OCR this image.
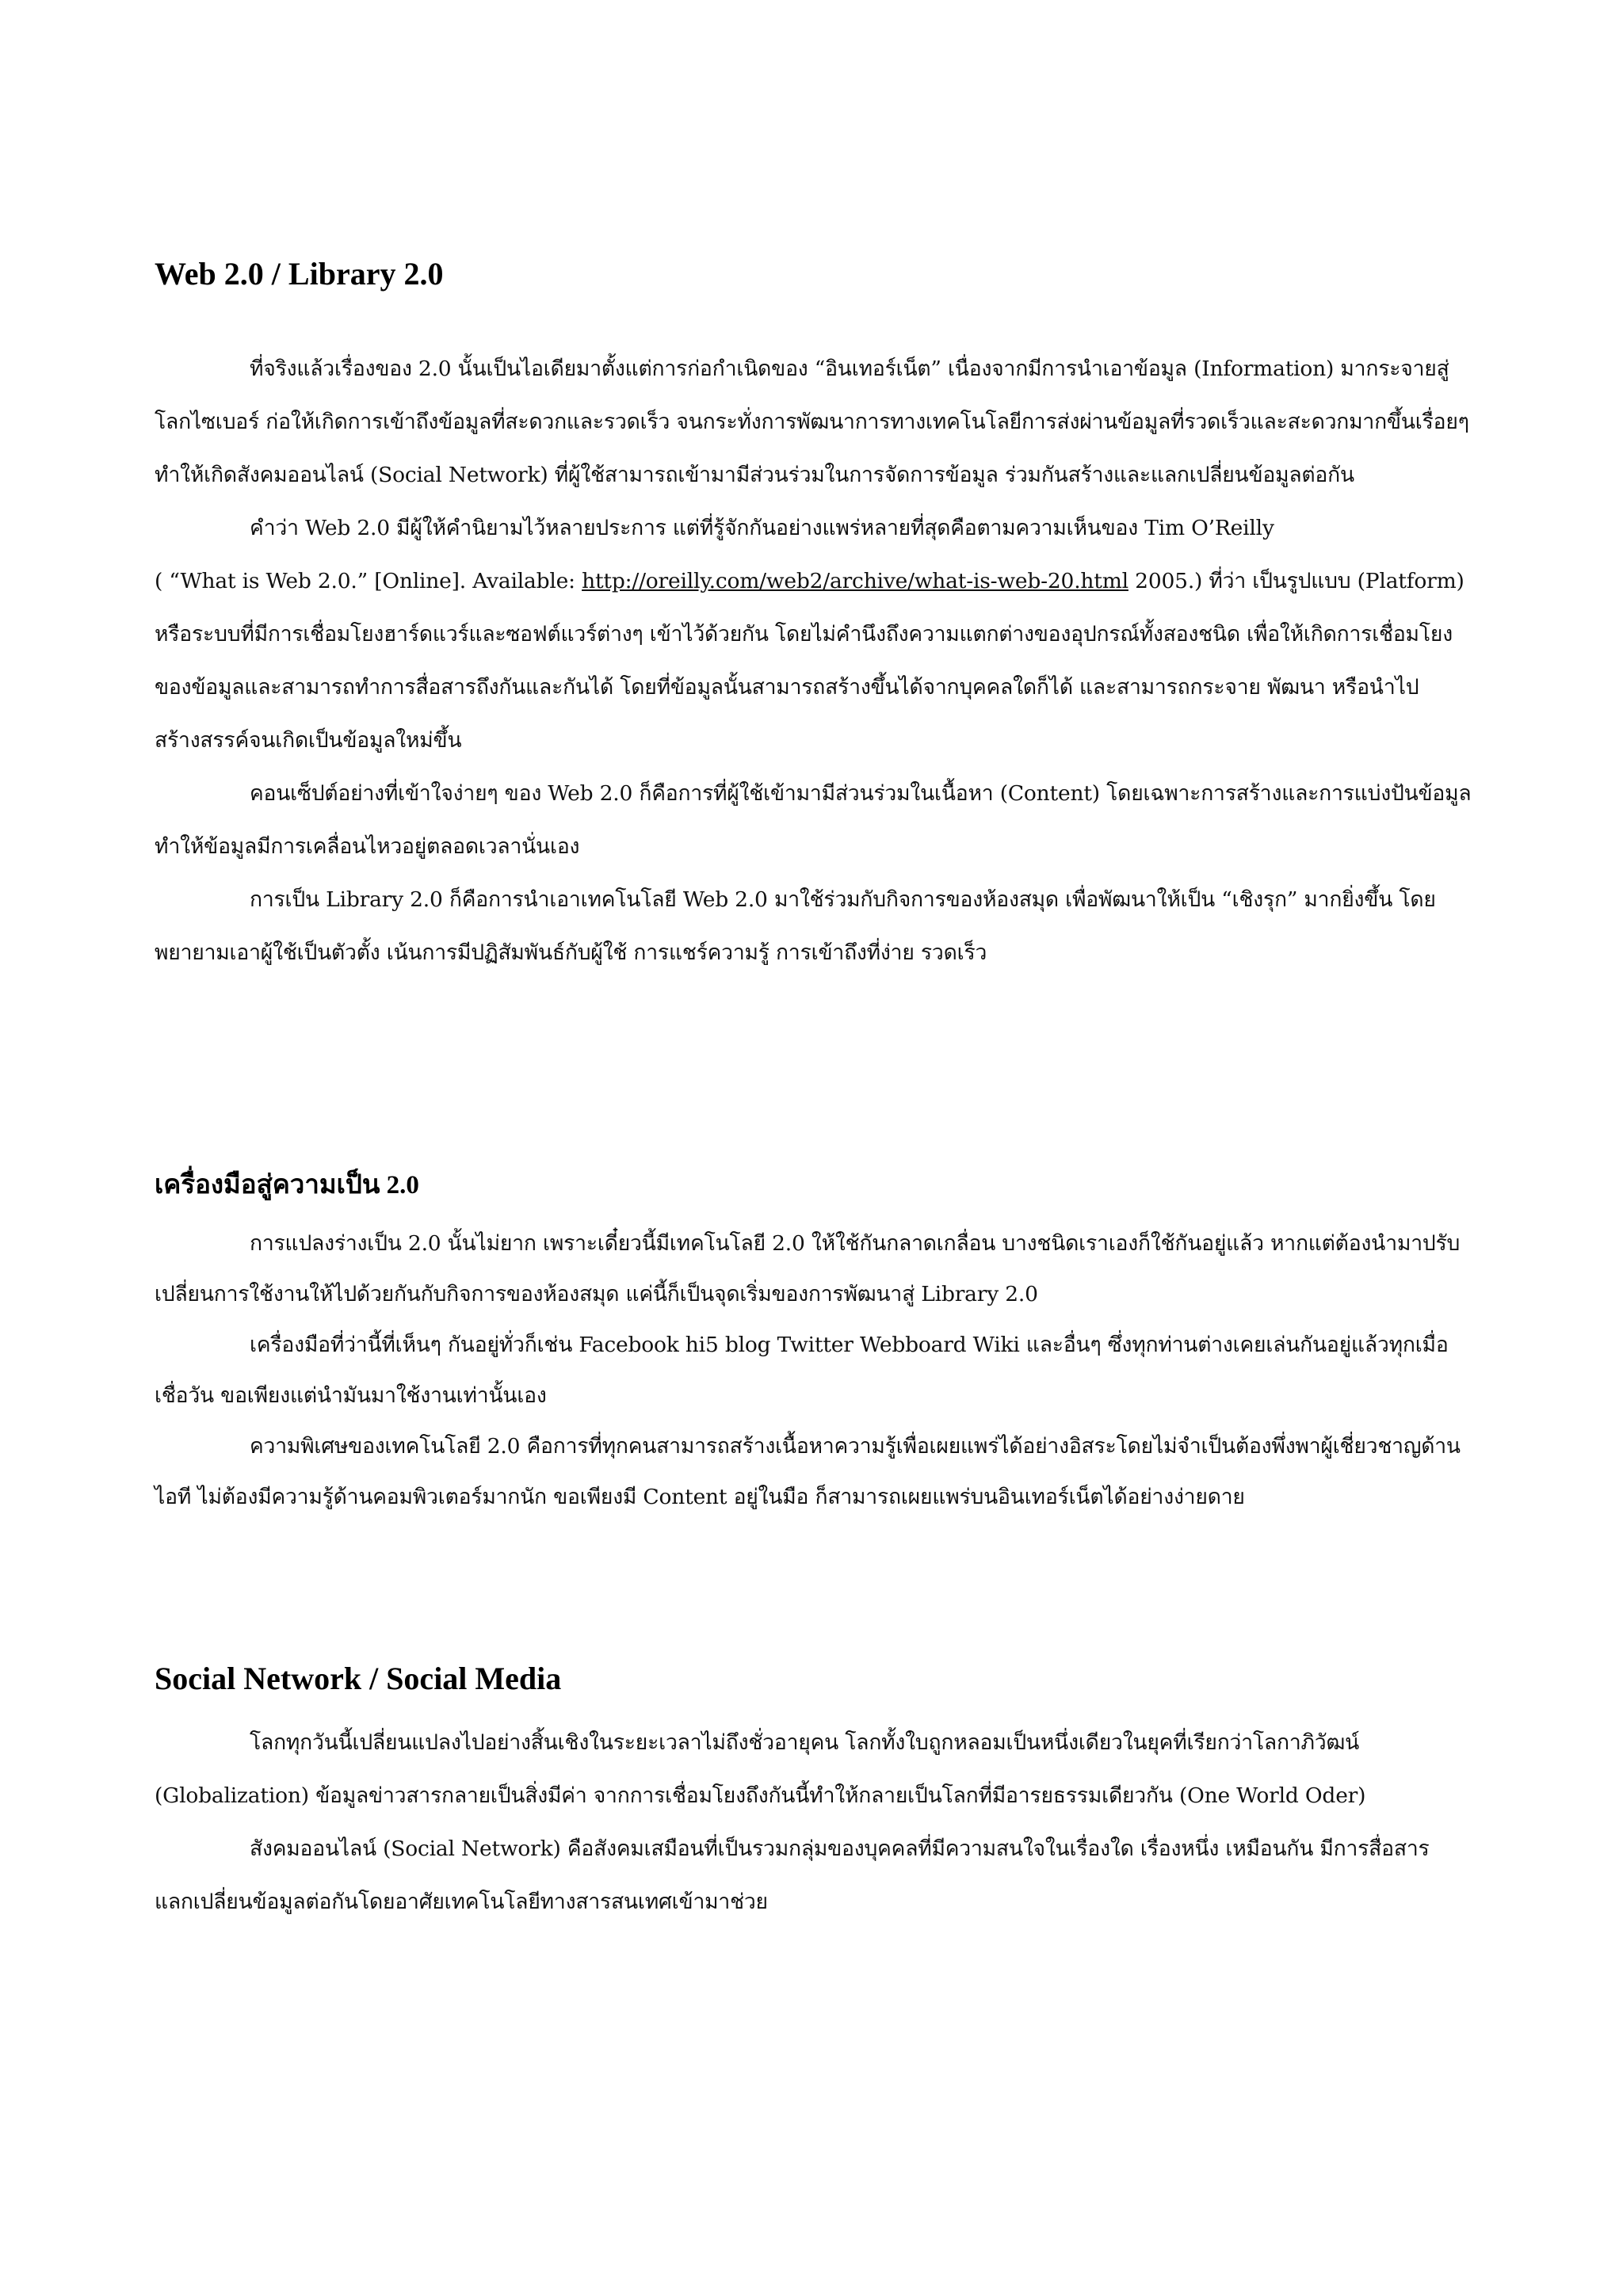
Web 2.0 / Library 2.0

ที่จริงแล้วเรื่องของ 2.0 นั้นเป็นไอเดียมาตั้งแต่การก่อกำเนิดของ “อินเทอร์เน็ต” เนื่องจากมีการนำเอาข้อมูล (Information) มากระจายสู่โลกไซเบอร์ ก่อให้เกิดการเข้าถึงข้อมูลที่สะดวกและรวดเร็ว จนกระทั่งการพัฒนาการทางเทคโนโลยีการส่งผ่านข้อมูลที่รวดเร็วและสะดวกมากขึ้นเรื่อยๆ ทำให้เกิดสังคมออนไลน์ (Social Network) ที่ผู้ใช้สามารถเข้ามามีส่วนร่วมในการจัดการข้อมูล ร่วมกันสร้างและแลกเปลี่ยนข้อมูลต่อกัน

คำว่า Web 2.0 มีผู้ให้คำนิยามไว้หลายประการ แต่ที่รู้จักกันอย่างแพร่หลายที่สุดคือตามความเห็นของ Tim O’Reilly

( “What is Web 2.0.” [Online]. Available: http://oreilly.com/web2/archive/what-is-web-20.html 2005.) ที่ว่า เป็นรูปแบบ (Platform) หรือระบบที่มีการเชื่อมโยงฮาร์ดแวร์และซอฟต์แวร์ต่างๆ เข้าไว้ด้วยกัน โดยไม่คำนึงถึงความแตกต่างของอุปกรณ์ทั้งสองชนิด เพื่อให้เกิดการเชื่อมโยงของข้อมูลและสามารถทำการสื่อสารถึงกันและกันได้ โดยที่ข้อมูลนั้นสามารถสร้างขึ้นได้จากบุคคลใดก็ได้ และสามารถกระจาย พัฒนา หรือนำไปสร้างสรรค์จนเกิดเป็นข้อมูลใหม่ขึ้น

คอนเซ็ปต์อย่างที่เข้าใจง่ายๆ ของ Web 2.0 ก็คือการที่ผู้ใช้เข้ามามีส่วนร่วมในเนื้อหา (Content) โดยเฉพาะการสร้างและการแบ่งปันข้อมูล ทำให้ข้อมูลมีการเคลื่อนไหวอยู่ตลอดเวลานั่นเอง

การเป็น Library 2.0 ก็คือการนำเอาเทคโนโลยี Web 2.0 มาใช้ร่วมกับกิจการของห้องสมุด เพื่อพัฒนาให้เป็น “เชิงรุก” มากยิ่งขึ้น โดยพยายามเอาผู้ใช้เป็นตัวตั้ง เน้นการมีปฏิสัมพันธ์กับผู้ใช้ การแชร์ความรู้ การเข้าถึงที่ง่าย รวดเร็ว

เครื่องมือสู่ความเป็น 2.0

การแปลงร่างเป็น 2.0 นั้นไม่ยาก เพราะเดี๋ยวนี้มีเทคโนโลยี 2.0 ให้ใช้กันกลาดเกลื่อน บางชนิดเราเองก็ใช้กันอยู่แล้ว หากแต่ต้องนำมาปรับเปลี่ยนการใช้งานให้ไปด้วยกันกับกิจการของห้องสมุด แค่นี้ก็เป็นจุดเริ่มของการพัฒนาสู่ Library 2.0

เครื่องมือที่ว่านี้ที่เห็นๆ กันอยู่ทั่วก็เช่น Facebook hi5 blog Twitter Webboard Wiki และอื่นๆ ซึ่งทุกท่านต่างเคยเล่นกันอยู่แล้วทุกเมื่อเชื่อวัน ขอเพียงแต่นำมันมาใช้งานเท่านั้นเอง

ความพิเศษของเทคโนโลยี 2.0 คือการที่ทุกคนสามารถสร้างเนื้อหาความรู้เพื่อเผยแพร่ได้อย่างอิสระโดยไม่จำเป็นต้องพึ่งพาผู้เชี่ยวชาญด้านไอที ไม่ต้องมีความรู้ด้านคอมพิวเตอร์มากนัก ขอเพียงมี Content อยู่ในมือ ก็สามารถเผยแพร่บนอินเทอร์เน็ตได้อย่างง่ายดาย

Social Network / Social Media

โลกทุกวันนี้เปลี่ยนแปลงไปอย่างสิ้นเชิงในระยะเวลาไม่ถึงชั่วอายุคน โลกทั้งใบถูกหลอมเป็นหนึ่งเดียวในยุคที่เรียกว่าโลกาภิวัฒน์ (Globalization) ข้อมูลข่าวสารกลายเป็นสิ่งมีค่า จากการเชื่อมโยงถึงกันนี้ทำให้กลายเป็นโลกที่มีอารยธรรมเดียวกัน (One World Oder)

สังคมออนไลน์ (Social Network) คือสังคมเสมือนที่เป็นรวมกลุ่มของบุคคลที่มีความสนใจในเรื่องใด เรื่องหนึ่ง เหมือนกัน มีการสื่อสาร แลกเปลี่ยนข้อมูลต่อกันโดยอาศัยเทคโนโลยีทางสารสนเทศเข้ามาช่วย
